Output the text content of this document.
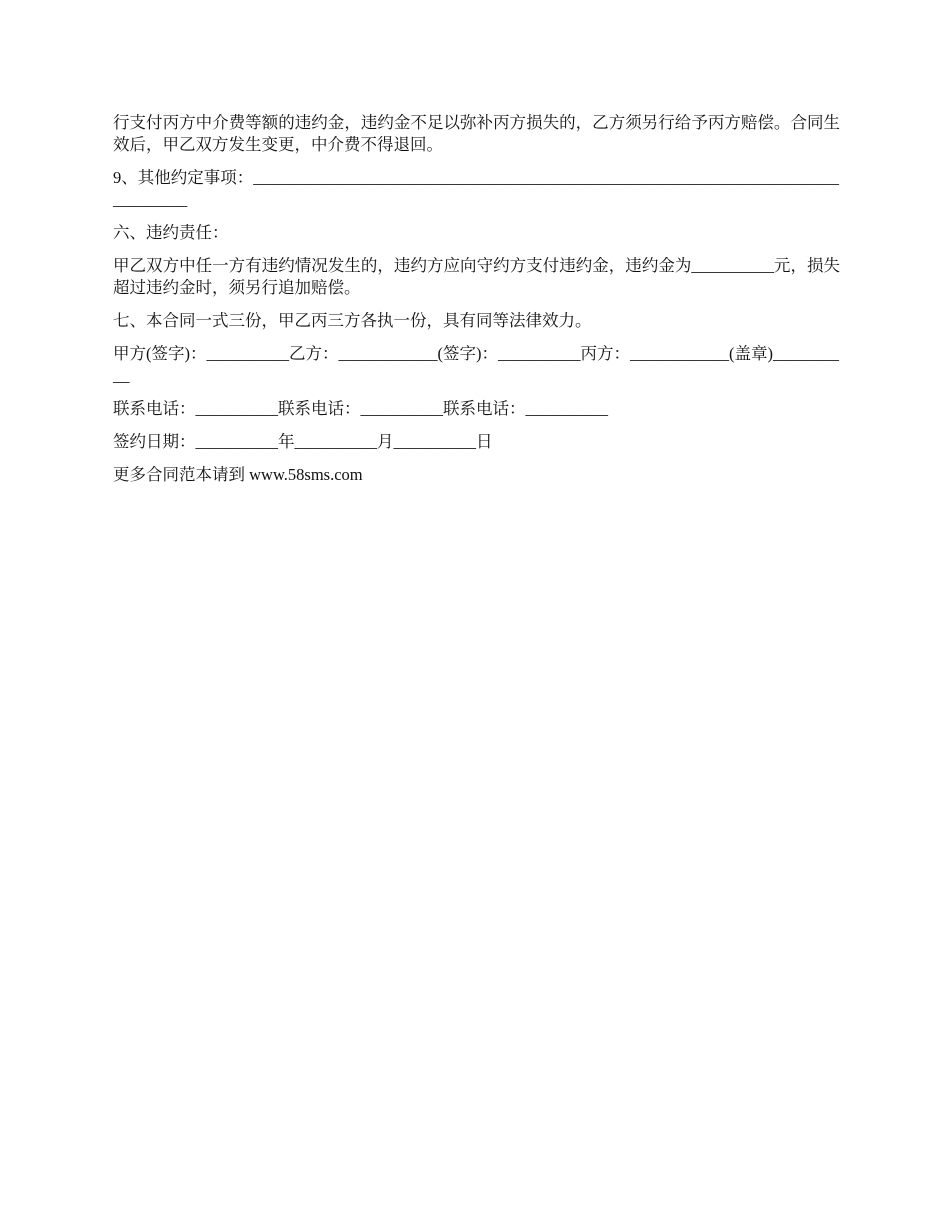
行支付丙方中介费等额的违约金，违约金不足以弥补丙方损失的，乙方须另行给予丙方赔偿。合同生效后，甲乙双方发生变更，中介费不得退回。

9、其他约定事项：________________________________________________________________________________

六、违约责任：

甲乙双方中任一方有违约情况发生的，违约方应向守约方支付违约金，违约金为__________元，损失超过违约金时，须另行追加赔偿。

七、本合同一式三份，甲乙丙三方各执一份，具有同等法律效力。

甲方(签字)：__________乙方：____________(签字)：__________丙方：____________(盖章)__________

联系电话：__________联系电话：__________联系电话：__________

签约日期：__________年__________月__________日

更多合同范本请到 www.58sms.com
